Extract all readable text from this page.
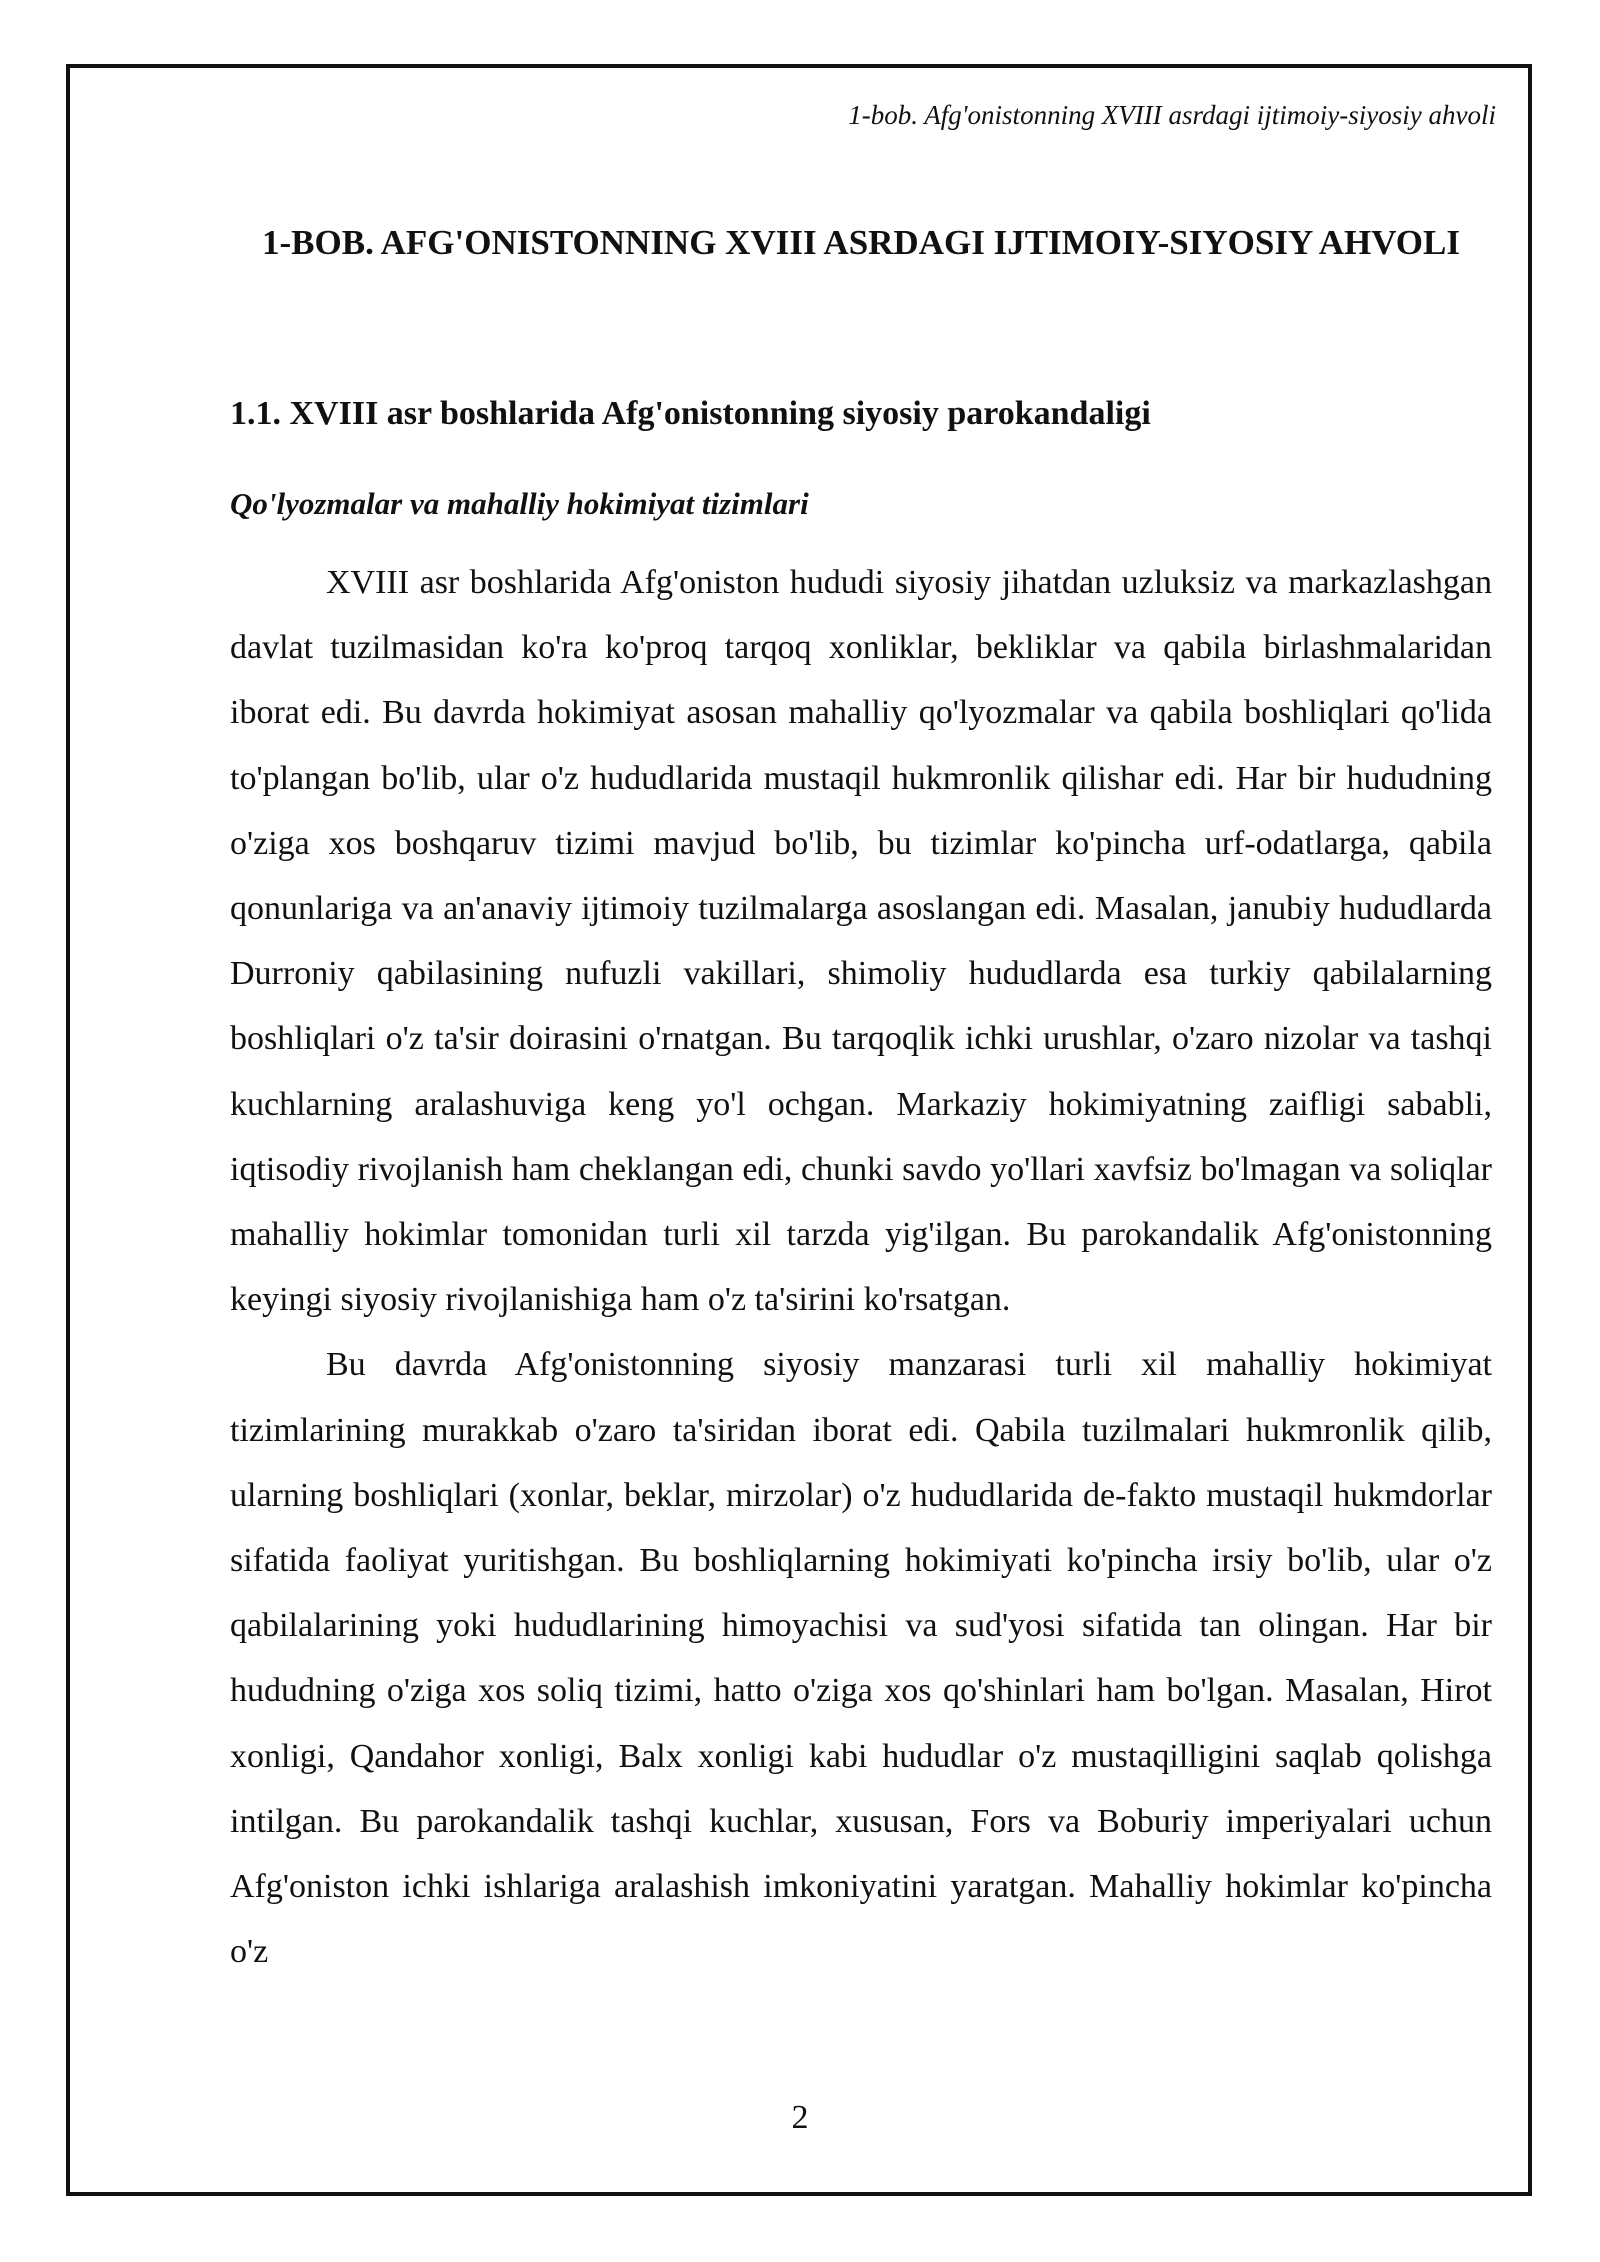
1-bob. Afg'onistonning XVIII asrdagi ijtimoiy-siyosiy ahvoli
1-BOB. AFG'ONISTONNING XVIII ASRDAGI IJTIMOIY-SIYOSIY AHVOLI
1.1. XVIII asr boshlarida Afg'onistonning siyosiy parokandaligi
Qo'lyozmalar va mahalliy hokimiyat tizimlari

XVIII asr boshlarida Afg'oniston hududi siyosiy jihatdan uzluksiz va markazlashgan davlat tuzilmasidan ko'ra ko'proq tarqoq xonliklar, bekliklar va qabila birlashmalaridan iborat edi. Bu davrda hokimiyat asosan mahalliy qo'lyozmalar va qabila boshliqlari qo'lida to'plangan bo'lib, ular o'z hududlarida mustaqil hukmronlik qilishar edi. Har bir hududning o'ziga xos boshqaruv tizimi mavjud bo'lib, bu tizimlar ko'pincha urf-odatlarga, qabila qonunlariga va an'anaviy ijtimoiy tuzilmalarga asoslangan edi. Masalan, janubiy hududlarda Durroniy qabilasining nufuzli vakillari, shimoliy hududlarda esa turkiy qabilalarning boshliqlari o'z ta'sir doirasini o'rnatgan. Bu tarqoqlik ichki urushlar, o'zaro nizolar va tashqi kuchlarning aralashuviga keng yo'l ochgan. Markaziy hokimiyatning zaifligi sababli, iqtisodiy rivojlanish ham cheklangan edi, chunki savdo yo'llari xavfsiz bo'lmagan va soliqlar mahalliy hokimlar tomonidan turli xil tarzda yig'ilgan. Bu parokandalik Afg'onistonning keyingi siyosiy rivojlanishiga ham o'z ta'sirini ko'rsatgan.

Bu davrda Afg'onistonning siyosiy manzarasi turli xil mahalliy hokimiyat tizimlarining murakkab o'zaro ta'siridan iborat edi. Qabila tuzilmalari hukmronlik qilib, ularning boshliqlari (xonlar, beklar, mirzolar) o'z hududlarida de-fakto mustaqil hukmdorlar sifatida faoliyat yuritishgan. Bu boshliqlarning hokimiyati ko'pincha irsiy bo'lib, ular o'z qabilalarining yoki hududlarining himoyachisi va sud'yosi sifatida tan olingan. Har bir hududning o'ziga xos soliq tizimi, hatto o'ziga xos qo'shinlari ham bo'lgan. Masalan, Hirot xonligi, Qandahor xonligi, Balx xonligi kabi hududlar o'z mustaqilligini saqlab qolishga intilgan. Bu parokandalik tashqi kuchlar, xususan, Fors va Boburiy imperiyalari uchun Afg'oniston ichki ishlariga aralashish imkoniyatini yaratgan. Mahalliy hokimlar ko'pincha o'z

2
